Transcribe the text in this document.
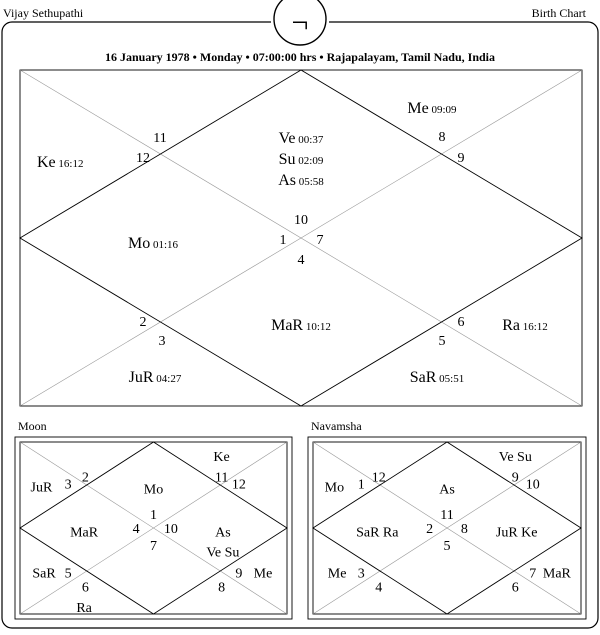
Vijay Sethupathi	Birth Chart
¬
16 January 1978 • Monday • 07:00:00 hrs • Rajapalayam, Tamil Nadu, India
10
Ve 00:37
Su 02:09
As 05:58
11
12
Ke 16:12
1
Mo 01:16
2
3
JuR 04:27
4
MaR 10:12
5
SaR 05:51
6 Ra 16:12
7
8
9
Me 09:09
Moon
1
Mo
2
3
JuR
4
MaR
5
SaR
6
Ra
7
8
9 Me
10	As
Ve Su
11 12
Ke
Navamsha
11
As
12
1
Mo
2
SaR Ra
3
Me
4
5
6
7 MaR
8 JuR Ke
9 10
Ve Su
